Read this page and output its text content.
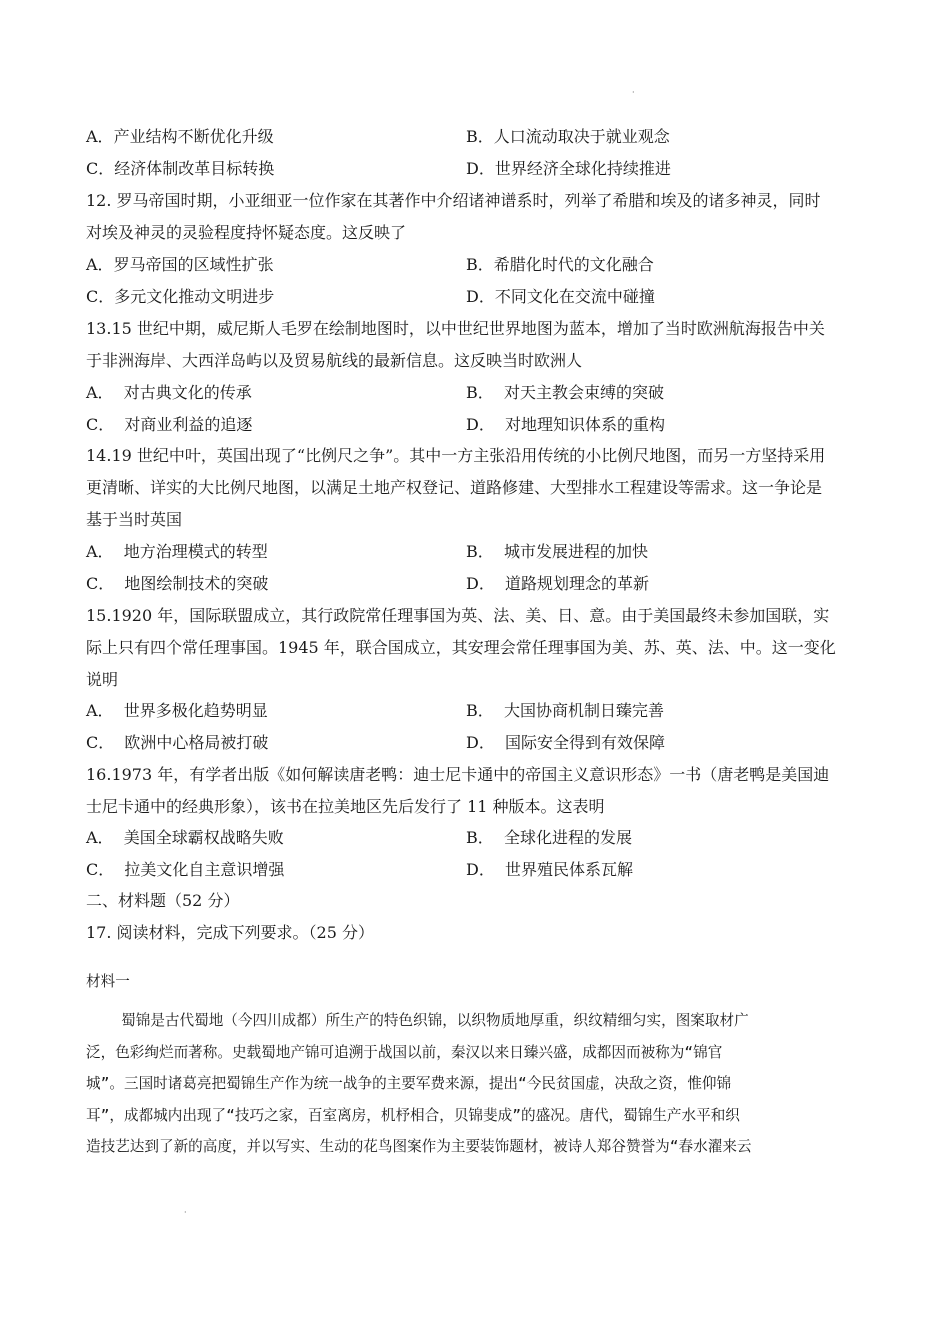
·
A．产业结构不断优化升级	B．人口流动取决于就业观念
C．经济体制改革目标转换	D．世界经济全球化持续推进
12. 罗马帝国时期，小亚细亚一位作家在其著作中介绍诸神谱系时，列举了希腊和埃及的诸多神灵，同时
对埃及神灵的灵验程度持怀疑态度。这反映了
A．罗马帝国的区域性扩张	B．希腊化时代的文化融合
C．多元文化推动文明进步	D．不同文化在交流中碰撞
13.15 世纪中期，威尼斯人毛罗在绘制地图时，以中世纪世界地图为蓝本，增加了当时欧洲航海报告中关
于非洲海岸、大西洋岛屿以及贸易航线的最新信息。这反映当时欧洲人
A．  对古典文化的传承	B．  对天主教会束缚的突破
C．  对商业利益的追逐	D．  对地理知识体系的重构
14.19 世纪中叶，英国出现了“比例尺之争”。其中一方主张沿用传统的小比例尺地图，而另一方坚持采用
更清晰、详实的大比例尺地图，以满足土地产权登记、道路修建、大型排水工程建设等需求。这一争论是
基于当时英国
A．  地方治理模式的转型	B．  城市发展进程的加快
C．  地图绘制技术的突破	D．  道路规划理念的革新
15.1920 年，国际联盟成立，其行政院常任理事国为英、法、美、日、意。由于美国最终未参加国联，实
际上只有四个常任理事国。1945 年，联合国成立，其安理会常任理事国为美、苏、英、法、中。这一变化
说明
A．  世界多极化趋势明显	B．  大国协商机制日臻完善
C．  欧洲中心格局被打破	D．  国际安全得到有效保障
16.1973 年，有学者出版《如何解读唐老鸭：迪士尼卡通中的帝国主义意识形态》一书（唐老鸭是美国迪
士尼卡通中的经典形象），该书在拉美地区先后发行了 11 种版本。这表明
A．  美国全球霸权战略失败	B．  全球化进程的发展
C．  拉美文化自主意识增强	D．  世界殖民体系瓦解
二、材料题（52 分）
17. 阅读材料，完成下列要求。（25 分）
材料一
蜀锦是古代蜀地（今四川成都）所生产的特色织锦，以织物质地厚重，织纹精细匀实，图案取材广
泛，色彩绚烂而著称。史载蜀地产锦可追溯于战国以前，秦汉以来日臻兴盛，成都因而被称为“锦官
城”。三国时诸葛亮把蜀锦生产作为统一战争的主要军费来源，提出“今民贫国虚，决敌之资，惟仰锦
耳”，成都城内出现了“技巧之家，百室离房，机杼相合，贝锦斐成”的盛况。唐代，蜀锦生产水平和织
造技艺达到了新的高度，并以写实、生动的花鸟图案作为主要装饰题材，被诗人郑谷赞誉为“春水濯来云
·
